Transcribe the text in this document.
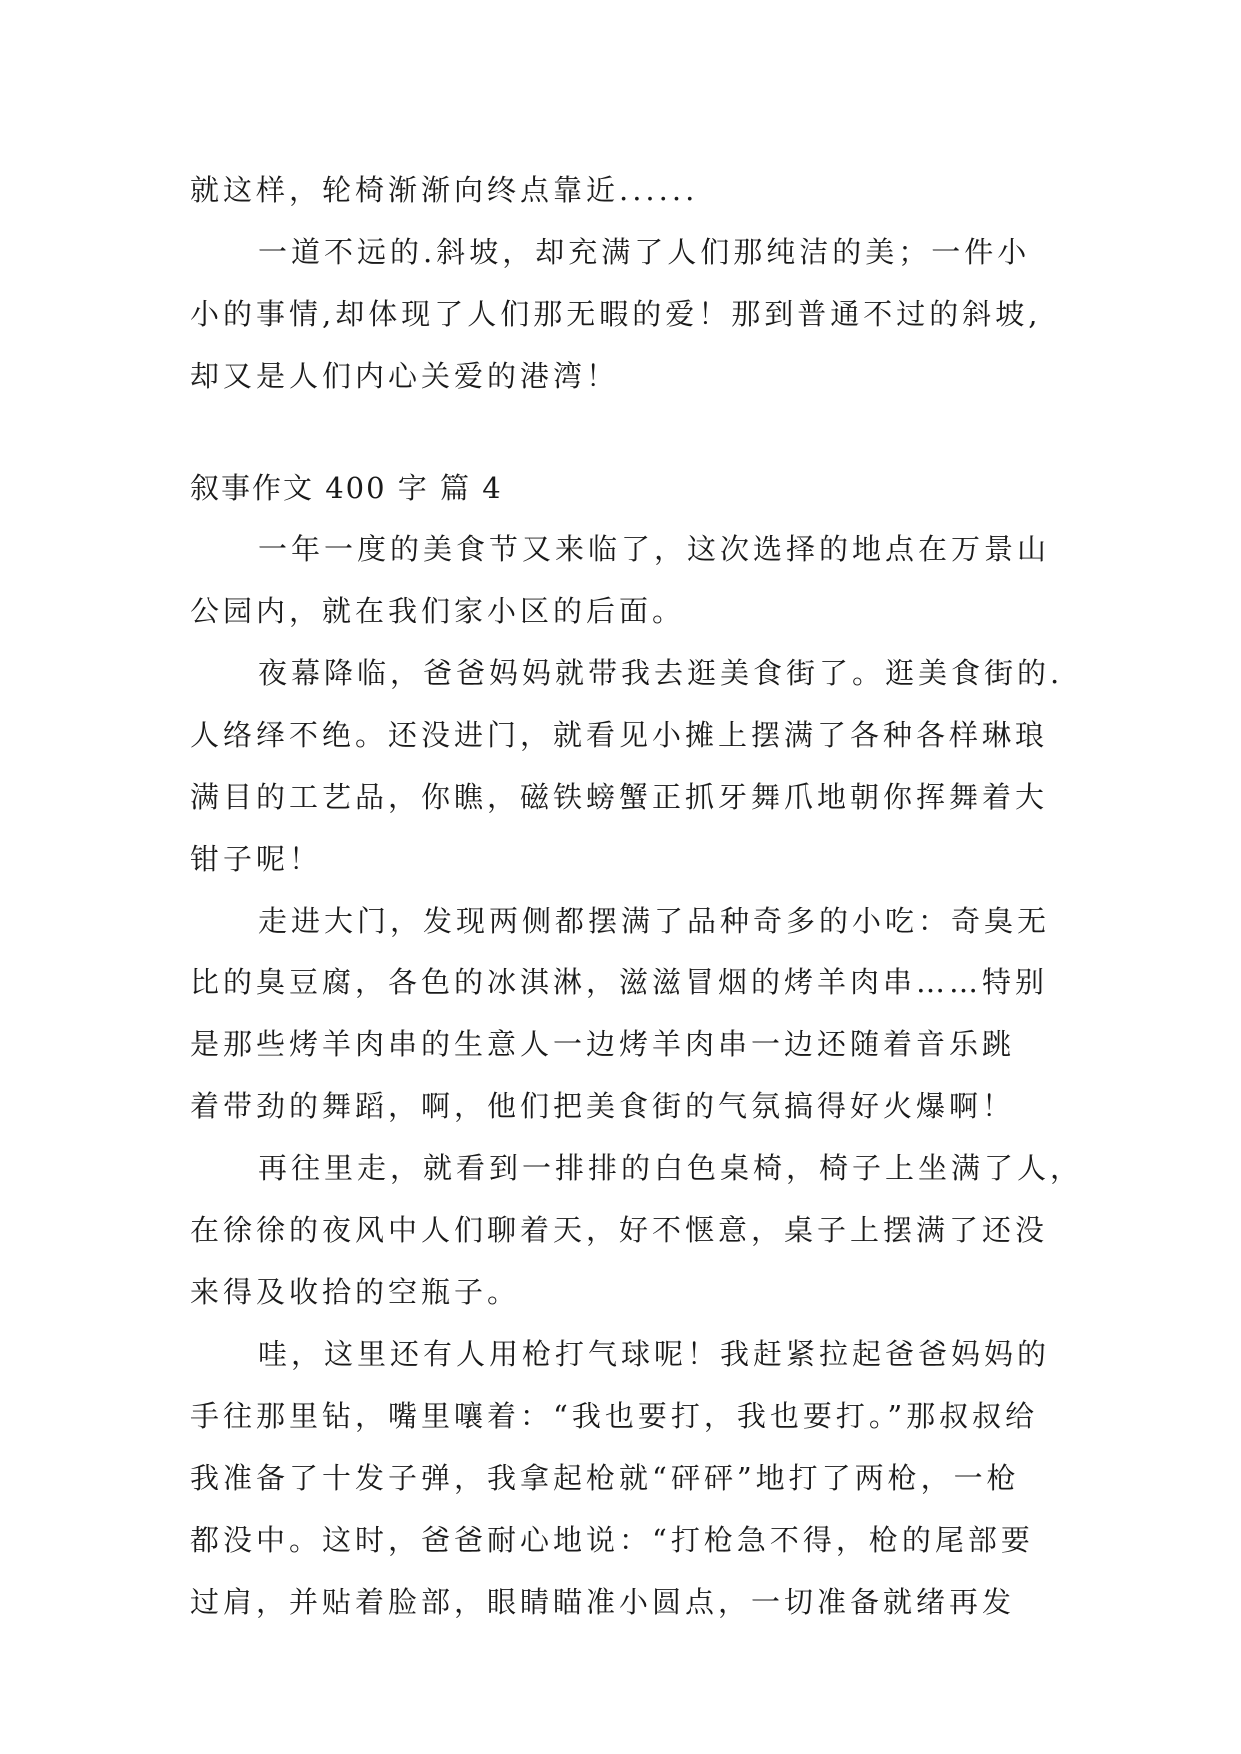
就这样，轮椅渐渐向终点靠近......
一道不远的.斜坡，却充满了人们那纯洁的美；一件小
小的事情,却体现了人们那无暇的爱！那到普通不过的斜坡,
却又是人们内心关爱的港湾！
叙事作文 400 字 篇 4
一年一度的美食节又来临了，这次选择的地点在万景山
公园内，就在我们家小区的后面。
夜幕降临，爸爸妈妈就带我去逛美食街了。逛美食街的.
人络绎不绝。还没进门，就看见小摊上摆满了各种各样琳琅
满目的工艺品，你瞧，磁铁螃蟹正抓牙舞爪地朝你挥舞着大
钳子呢！
走进大门，发现两侧都摆满了品种奇多的小吃：奇臭无
比的臭豆腐，各色的冰淇淋，滋滋冒烟的烤羊肉串……特别
是那些烤羊肉串的生意人一边烤羊肉串一边还随着音乐跳
着带劲的舞蹈，啊，他们把美食街的气氛搞得好火爆啊！
再往里走，就看到一排排的白色桌椅，椅子上坐满了人，
在徐徐的夜风中人们聊着天，好不惬意，桌子上摆满了还没
来得及收拾的空瓶子。
哇，这里还有人用枪打气球呢！我赶紧拉起爸爸妈妈的
手往那里钻，嘴里嚷着：“我也要打，我也要打。”那叔叔给
我准备了十发子弹，我拿起枪就“砰砰”地打了两枪，一枪
都没中。这时，爸爸耐心地说：“打枪急不得，枪的尾部要
过肩，并贴着脸部，眼睛瞄准小圆点，一切准备就绪再发
